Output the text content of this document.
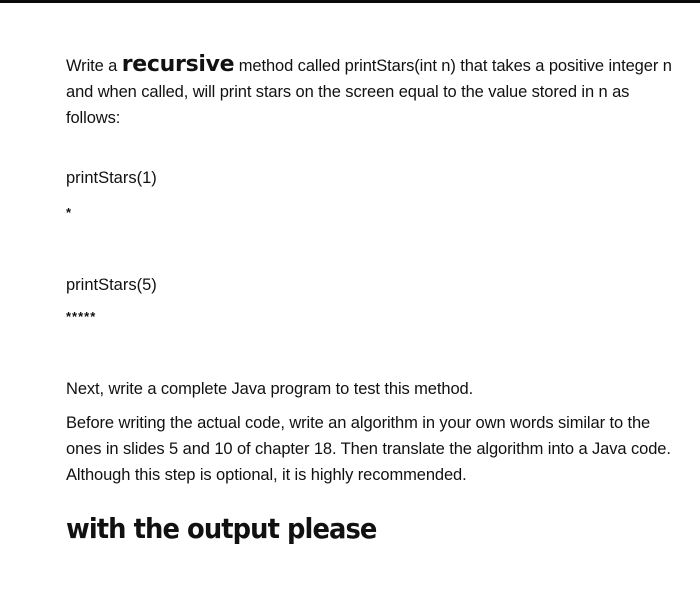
Write a recursive method called printStars(int n) that takes a positive integer n and when called, will print stars on the screen equal to the value stored in n as follows:

printStars(1)

*

printStars(5)

*****

Next, write a complete Java program to test this method.

Before writing the actual code, write an algorithm in your own words similar to the ones in slides 5 and 10 of chapter 18. Then translate the algorithm into a Java code. Although this step is optional, it is highly recommended.

with the output please
